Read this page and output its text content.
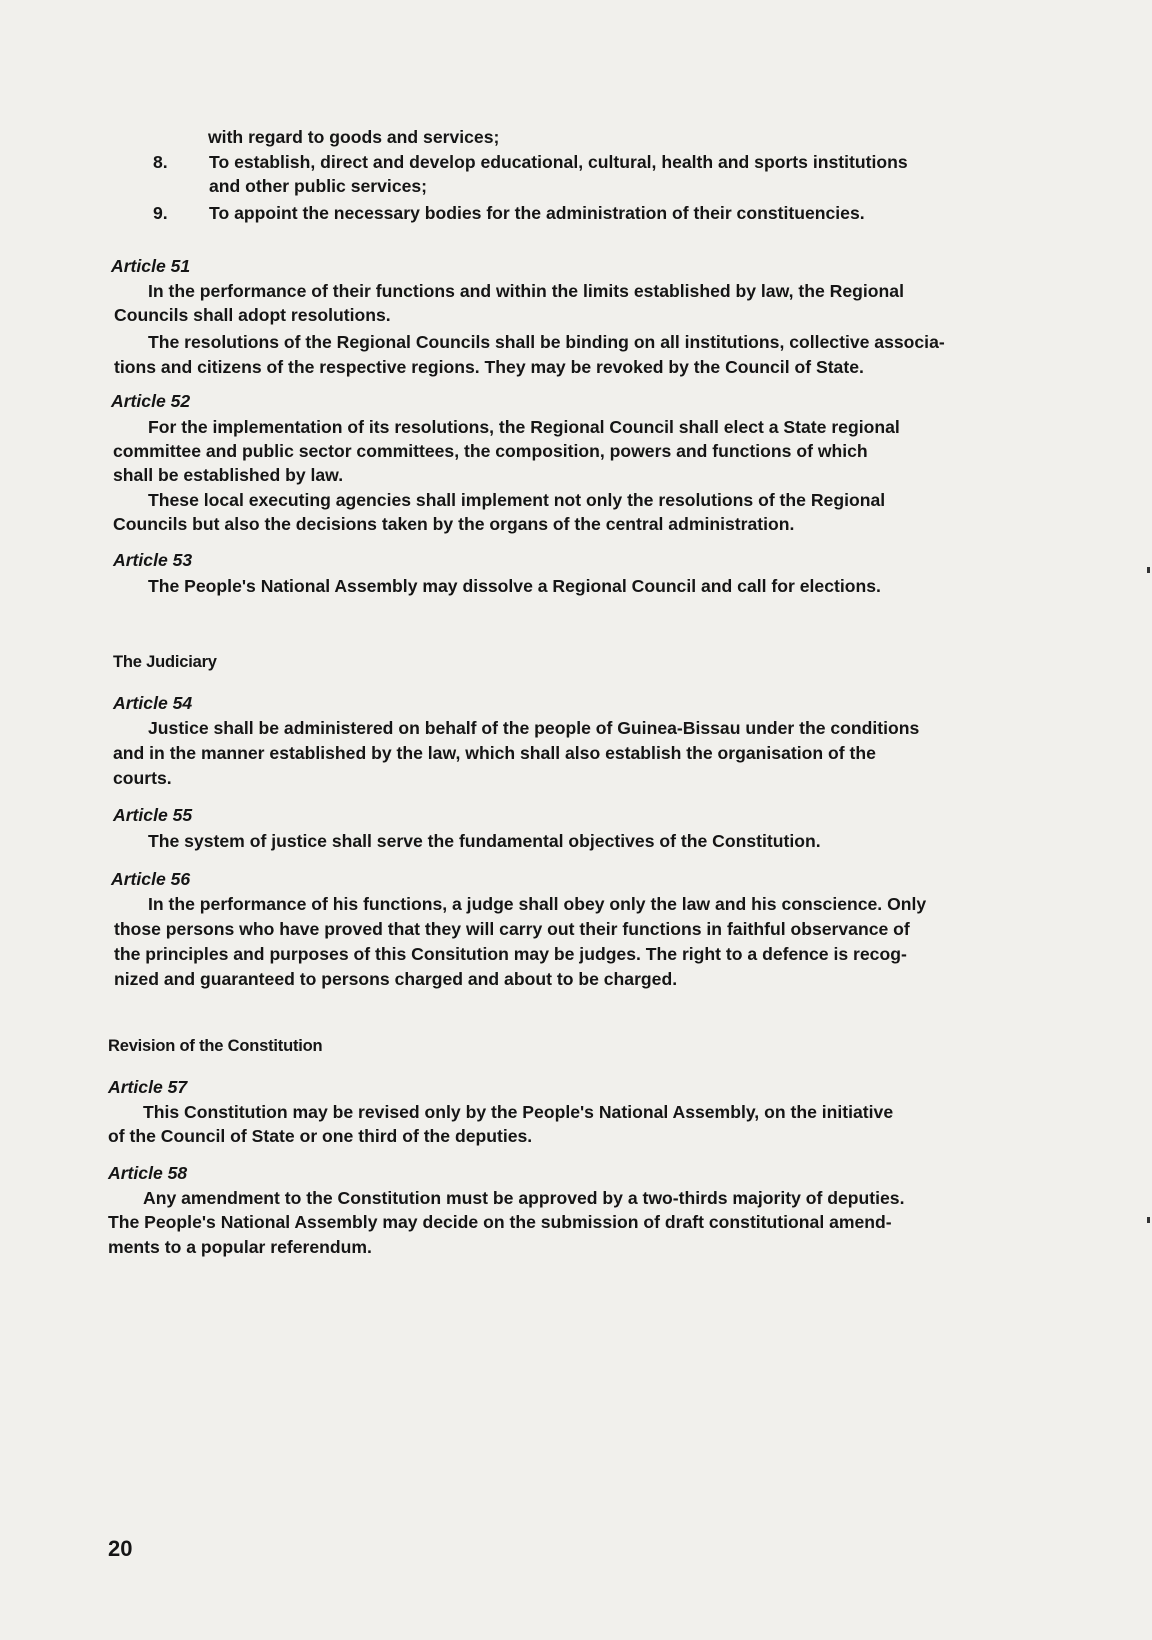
with regard to goods and services;
8. To establish, direct and develop educational, cultural, health and sports institutions
and other public services;
9. To appoint the necessary bodies for the administration of their constituencies.
Article 51
In the performance of their functions and within the limits established by law, the Regional
Councils shall adopt resolutions.
The resolutions of the Regional Councils shall be binding on all institutions, collective associa-
tions and citizens of the respective regions. They may be revoked by the Council of State.
Article 52
For the implementation of its resolutions, the Regional Council shall elect a State regional
committee and public sector committees, the composition, powers and functions of which
shall be established by law.
These local executing agencies shall implement not only the resolutions of the Regional
Councils but also the decisions taken by the organs of the central administration.
Article 53
The People's National Assembly may dissolve a Regional Council and call for elections.
The Judiciary
Article 54
Justice shall be administered on behalf of the people of Guinea-Bissau under the conditions
and in the manner established by the law, which shall also establish the organisation of the
courts.
Article 55
The system of justice shall serve the fundamental objectives of the Constitution.
Article 56
In the performance of his functions, a judge shall obey only the law and his conscience. Only
those persons who have proved that they will carry out their functions in faithful observance of
the principles and purposes of this Consitution may be judges. The right to a defence is recog-
nized and guaranteed to persons charged and about to be charged.
Revision of the Constitution
Article 57
This Constitution may be revised only by the People's National Assembly, on the initiative
of the Council of State or one third of the deputies.
Article 58
Any amendment to the Constitution must be approved by a two-thirds majority of deputies.
The People's National Assembly may decide on the submission of draft constitutional amend-
ments to a popular referendum.
20
